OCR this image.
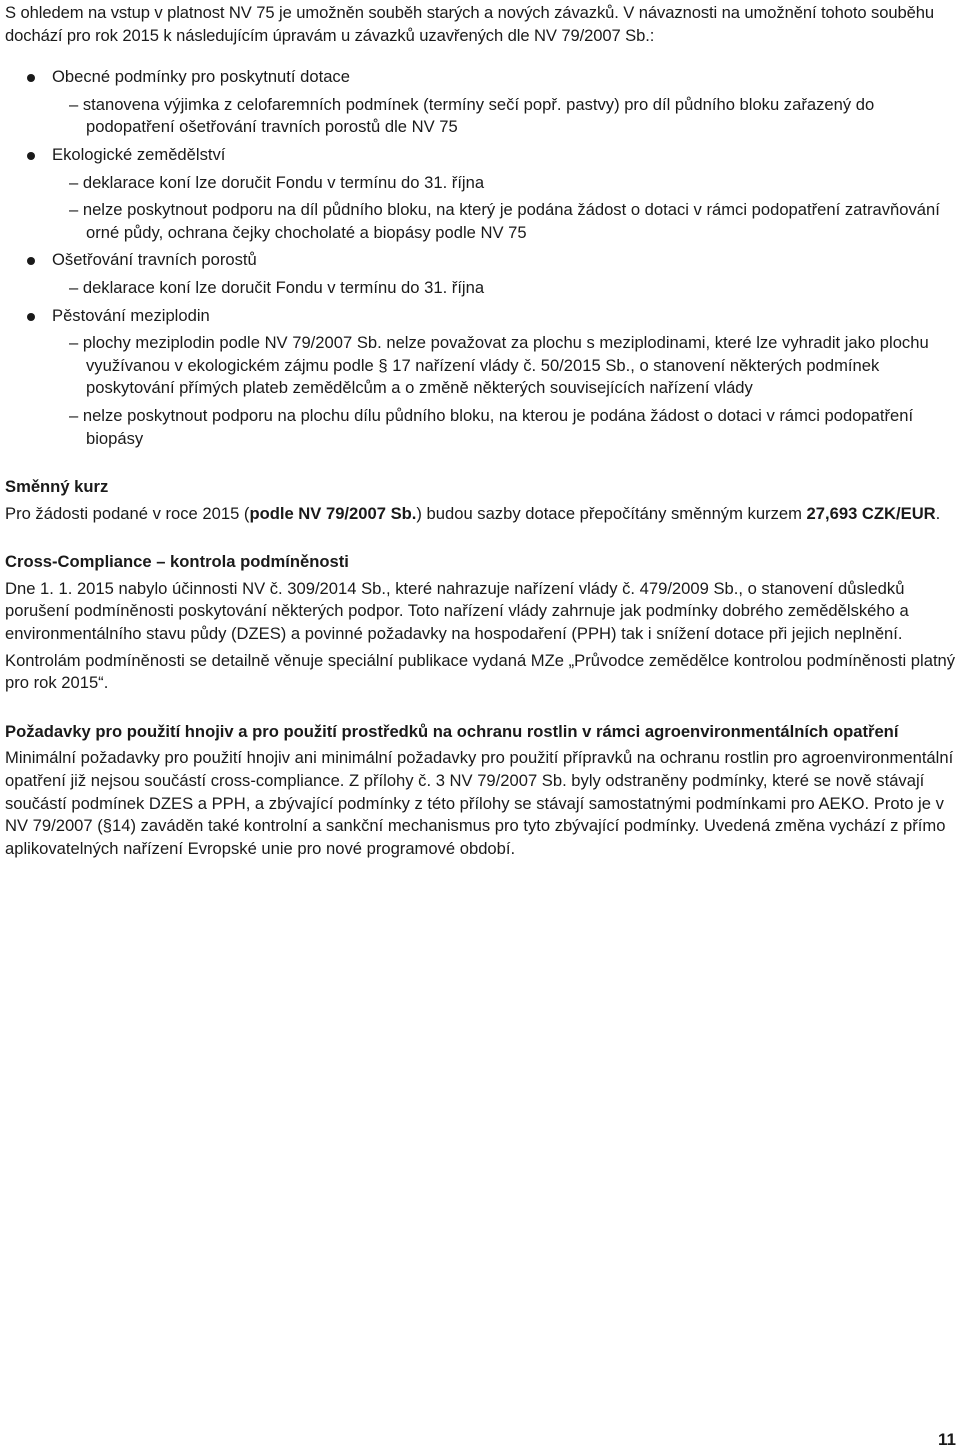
S ohledem na vstup v platnost NV 75 je umožněn souběh starých a nových závazků. V návaznosti na umožnění tohoto souběhu dochází pro rok 2015 k následujícím úpravám u závazků uzavřených dle NV 79/2007 Sb.:

Obecné podmínky pro poskytnutí dotace
– stanovena výjimka z celofaremních podmínek (termíny sečí popř. pastvy) pro díl půdního bloku zařazený do podopatření ošetřování travních porostů dle NV 75
Ekologické zemědělství
– deklarace koní lze doručit Fondu v termínu do 31. října
– nelze poskytnout podporu na díl půdního bloku, na který je podána žádost o dotaci v rámci podopatření zatravňování orné půdy, ochrana čejky chocholaté a biopásy podle NV 75
Ošetřování travních porostů
– deklarace koní lze doručit Fondu v termínu do 31. října
Pěstování meziplodin
– plochy meziplodin podle NV 79/2007 Sb. nelze považovat za plochu s meziplodinami, které lze vyhradit jako plochu využívanou v ekologickém zájmu podle § 17 nařízení vlády č. 50/2015 Sb., o stanovení některých podmínek poskytování přímých plateb zemědělcům a o změně některých souvisejících nařízení vlády
– nelze poskytnout podporu na plochu dílu půdního bloku, na kterou je podána žádost o dotaci v rámci podopatření biopásy

Směnný kurz

Pro žádosti podané v roce 2015 (podle NV 79/2007 Sb.) budou sazby dotace přepočítány směnným kurzem 27,693 CZK/EUR.

Cross-Compliance – kontrola podmíněnosti

Dne 1. 1. 2015 nabylo účinnosti NV č. 309/2014 Sb., které nahrazuje nařízení vlády č. 479/2009 Sb., o stanovení důsledků porušení podmíněnosti poskytování některých podpor. Toto nařízení vlády zahrnuje jak podmínky dobrého zemědělského a environmentálního stavu půdy (DZES) a povinné požadavky na hospodaření (PPH) tak i snížení dotace při jejich neplnění.

Kontrolám podmíněnosti se detailně věnuje speciální publikace vydaná MZe „Průvodce zemědělce kontrolou podmíněnosti platný pro rok 2015“.

Požadavky pro použití hnojiv a pro použití prostředků na ochranu rostlin v rámci agroenvironmentálních opatření

Minimální požadavky pro použití hnojiv ani minimální požadavky pro použití přípravků na ochranu rostlin pro agroenvironmentální opatření již nejsou součástí cross-compliance. Z přílohy č. 3 NV 79/2007 Sb. byly odstraněny podmínky, které se nově stávají součástí podmínek DZES a PPH, a zbývající podmínky z této přílohy se stávají samostatnými podmínkami pro AEKO. Proto je v NV 79/2007 (§14) zaváděn také kontrolní a sankční mechanismus pro tyto zbývající podmínky. Uvedená změna vychází z přímo aplikovatelných nařízení Evropské unie pro nové programové období.

11
